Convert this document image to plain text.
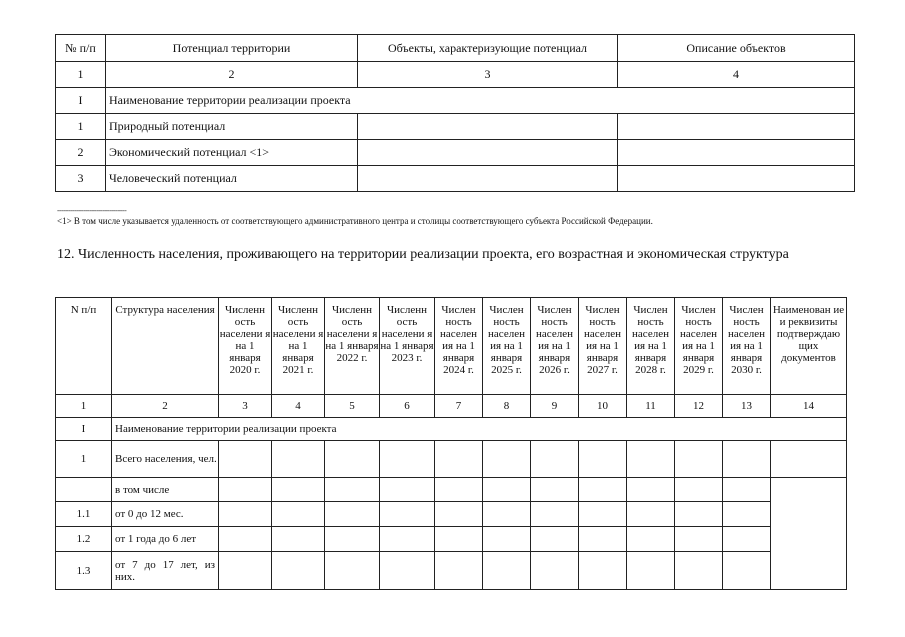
№ п/п	Потенциал территории	Объекты, характеризующие потенциал	Описание объектов
1	2	3	4
I	Наименование территории реализации проекта		
1	Природный потенциал		
2	Экономический потенциал <1>		
3	Человеческий потенциал		
--------------------------------
<1> В том числе указывается удаленность от соответствующего административного центра и столицы соответствующего субъекта Российской Федерации.
12. Численность населения, проживающего на территории реализации проекта, его возрастная и экономическая структура
N п/п	Структура населения	Численн ость населени я на 1 января 2020 г.	Численн ость населени я на 1 января 2021 г.	Численн ость населени я на 1 января 2022 г.	Численн ость населени я на 1 января 2023 г.	Числен ность населен ия на 1 января 2024 г.	Числен ность населен ия на 1 января 2025 г.	Числен ность населен ия на 1 января 2026 г.	Числен ность населен ия на 1 января 2027 г.	Числен ность населен ия на 1 января 2028 г.	Числен ность населен ия на 1 января 2029 г.	Числен ность населен ия на 1 января 2030 г.	Наименован ие и реквизиты подтверждаю щих документов
1	2	3	4	5	6	7	8	9	10	11	12	13	14
I	Наименование территории реализации проекта												
1	Всего населения, чел.												
	в том числе												
1.1	от 0 до 12 мес.												
1.2	от 1 года до 6 лет												
1.3	от 7 до 17 лет, из них.												
